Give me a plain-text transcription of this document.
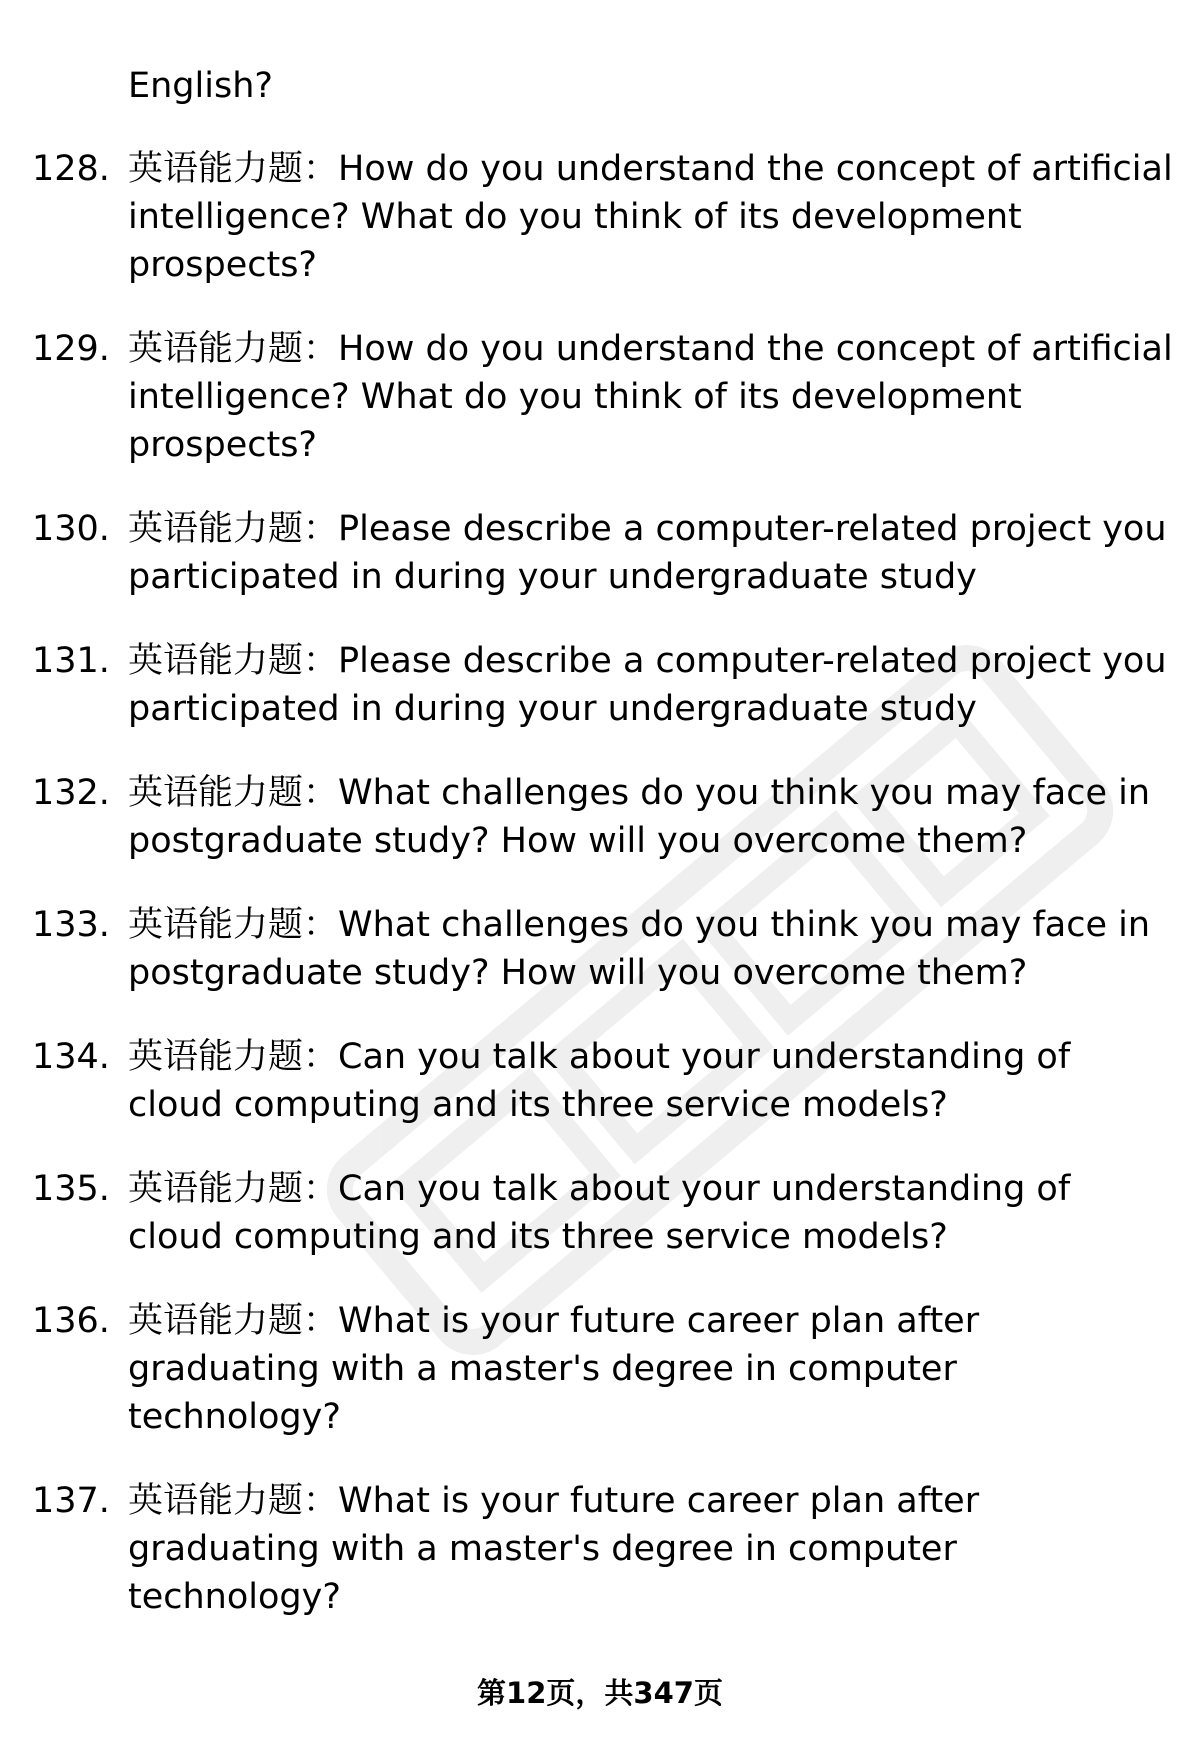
English?
128. 英语能力题：How do you understand the concept of artificial intelligence? What do you think of its development prospects?
129. 英语能力题：How do you understand the concept of artificial intelligence? What do you think of its development prospects?
130. 英语能力题：Please describe a computer-related project you participated in during your undergraduate study
131. 英语能力题：Please describe a computer-related project you participated in during your undergraduate study
132. 英语能力题：What challenges do you think you may face in postgraduate study? How will you overcome them?
133. 英语能力题：What challenges do you think you may face in postgraduate study? How will you overcome them?
134. 英语能力题：Can you talk about your understanding of cloud computing and its three service models?
135. 英语能力题：Can you talk about your understanding of cloud computing and its three service models?
136. 英语能力题：What is your future career plan after graduating with a master's degree in computer technology?
137. 英语能力题：What is your future career plan after graduating with a master's degree in computer technology?
第12页，共347页
